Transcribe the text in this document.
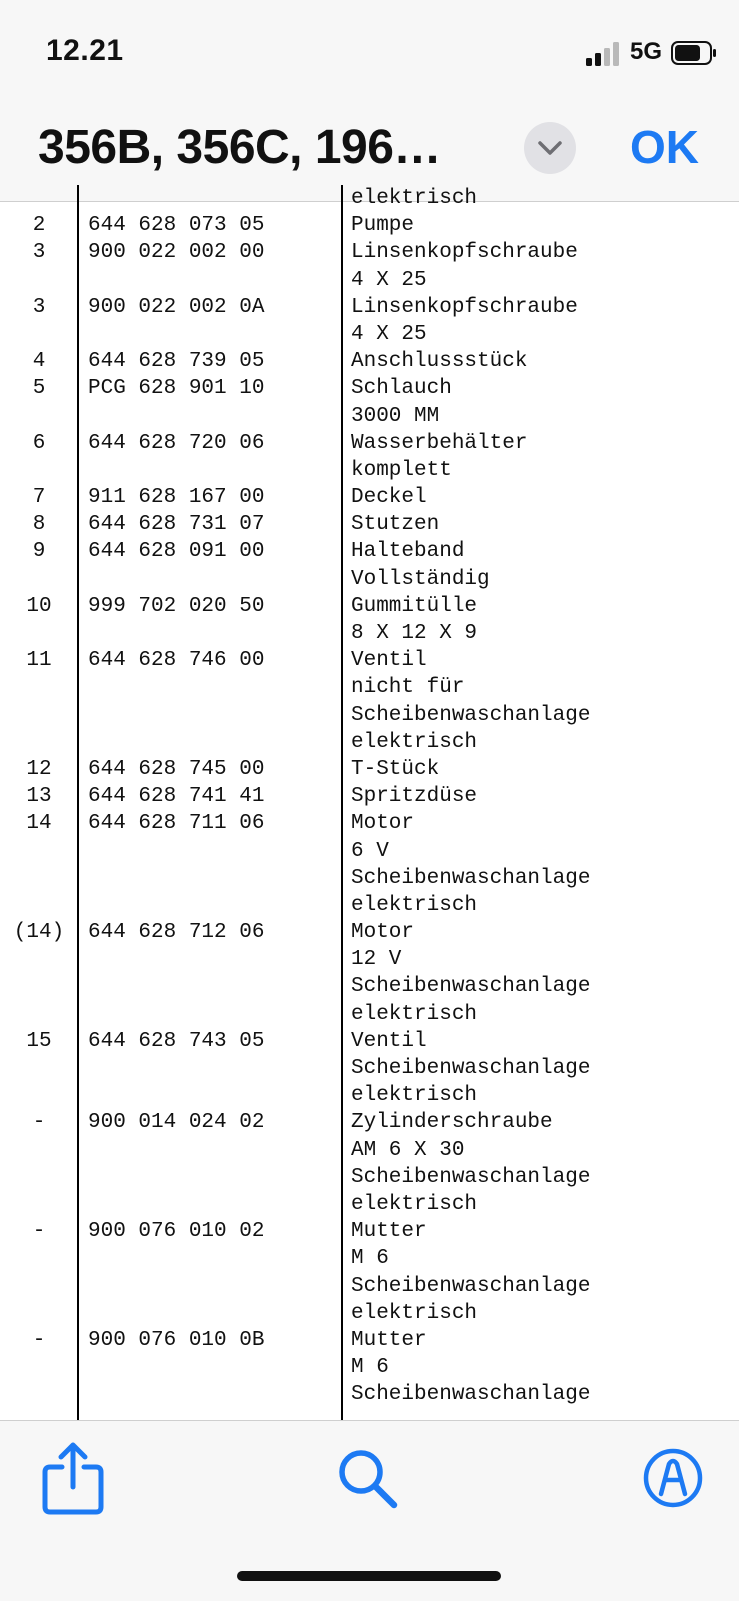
12.21	5G
356B, 356C, 196…	OK
elektrisch
2	644 628 073 05	Pumpe
3	900 022 002 00	Linsenkopfschraube
4 X 25
3	900 022 002 0A	Linsenkopfschraube
4 X 25
4	644 628 739 05	Anschlussstück
5	PCG 628 901 10	Schlauch
3000 MM
6	644 628 720 06	Wasserbehälter
komplett
7	911 628 167 00	Deckel
8	644 628 731 07	Stutzen
9	644 628 091 00	Halteband
Vollständig
10	999 702 020 50	Gummitülle
8 X 12 X 9
11	644 628 746 00	Ventil
nicht für
Scheibenwaschanlage
elektrisch
12	644 628 745 00	T-Stück
13	644 628 741 41	Spritzdüse
14	644 628 711 06	Motor
6 V
Scheibenwaschanlage
elektrisch
(14) 644 628 712 06	Motor
12 V
Scheibenwaschanlage
elektrisch
15	644 628 743 05	Ventil
Scheibenwaschanlage
elektrisch
-	900 014 024 02	Zylinderschraube
AM 6 X 30
Scheibenwaschanlage
elektrisch
-	900 076 010 02	Mutter
M 6
Scheibenwaschanlage
elektrisch
-	900 076 010 0B	Mutter
M 6
Scheibenwaschanlage
